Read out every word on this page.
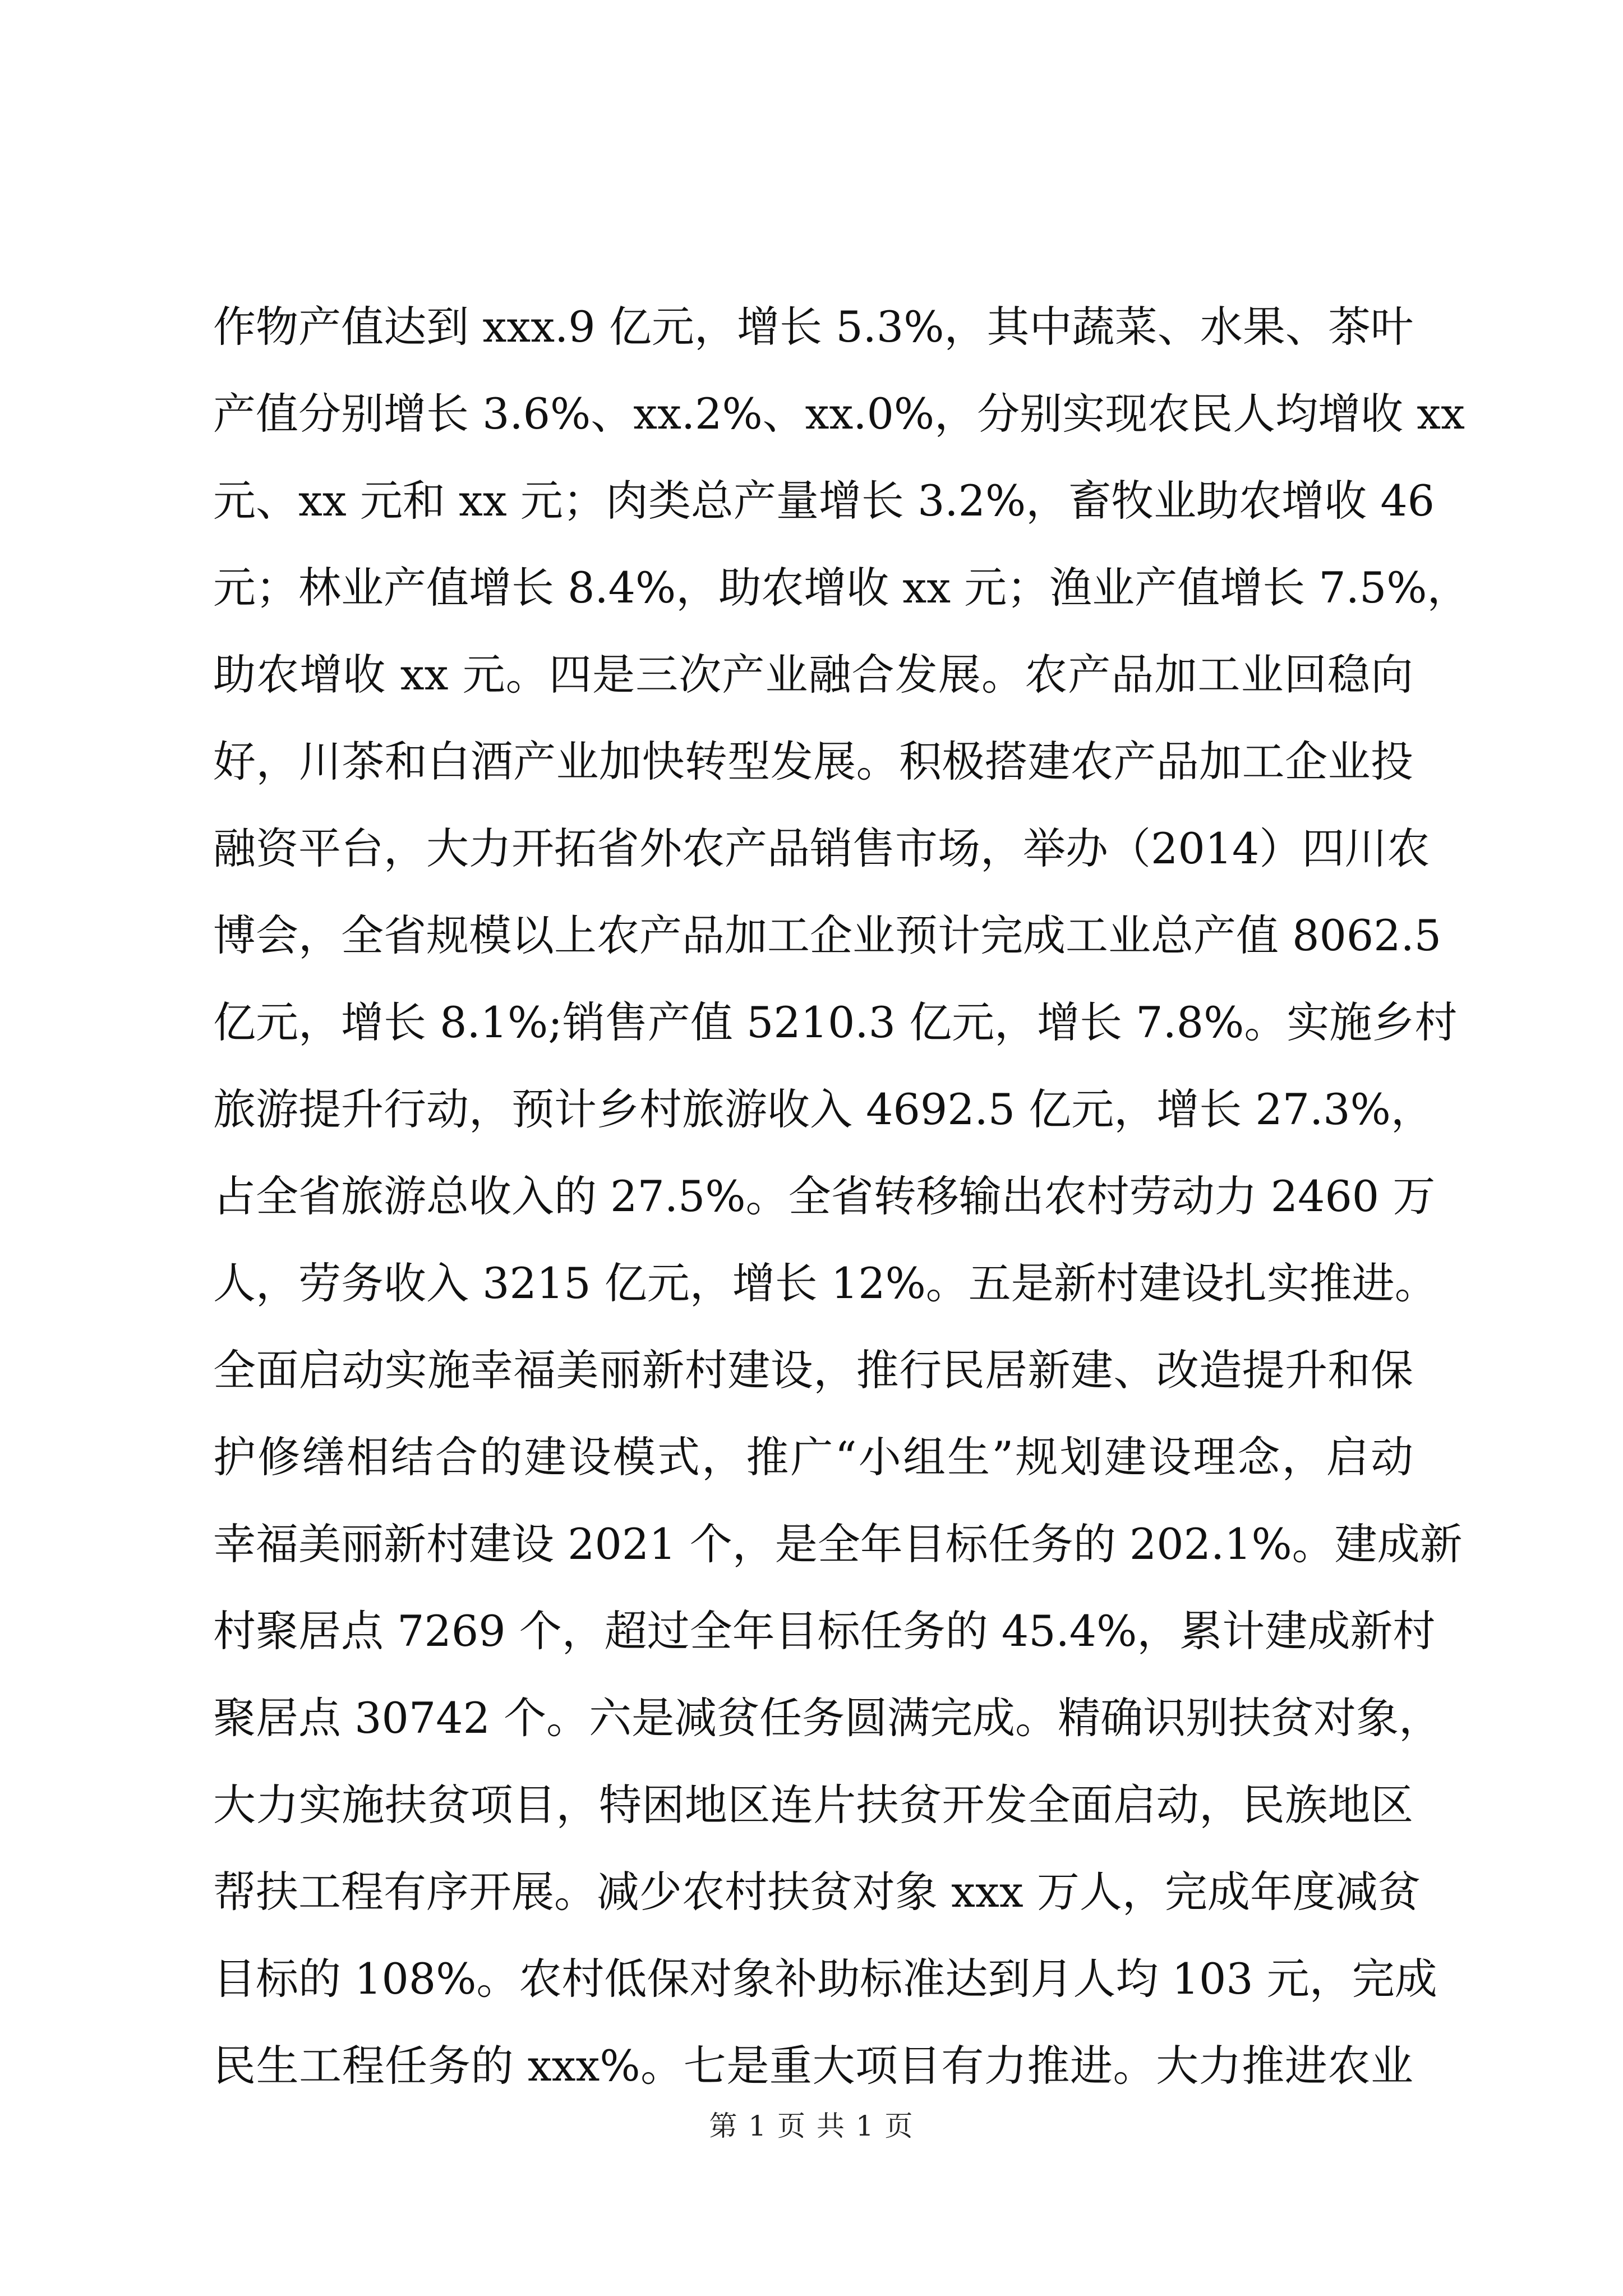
作物产值达到 xxx.9 亿元，增长 5.3%，其中蔬菜、水果、茶叶
产值分别增长 3.6%、xx.2%、xx.0%，分别实现农民人均增收 xx
元、xx 元和 xx 元；肉类总产量增长 3.2%，畜牧业助农增收 46
元；林业产值增长 8.4%，助农增收 xx 元；渔业产值增长 7.5%，
助农增收 xx 元。四是三次产业融合发展。农产品加工业回稳向
好，川茶和白酒产业加快转型发展。积极搭建农产品加工企业投
融资平台，大力开拓省外农产品销售市场，举办（2014）四川农
博会，全省规模以上农产品加工企业预计完成工业总产值 8062.5
亿元，增长 8.1%;销售产值 5210.3 亿元，增长 7.8%。实施乡村
旅游提升行动，预计乡村旅游收入 4692.5 亿元，增长 27.3%，
占全省旅游总收入的 27.5%。全省转移输出农村劳动力 2460 万
人，劳务收入 3215 亿元，增长 12%。五是新村建设扎实推进。
全面启动实施幸福美丽新村建设，推行民居新建、改造提升和保
护修缮相结合的建设模式，推广“小组生”规划建设理念，启动
幸福美丽新村建设 2021 个，是全年目标任务的 202.1%。建成新
村聚居点 7269 个，超过全年目标任务的 45.4%，累计建成新村
聚居点 30742 个。六是减贫任务圆满完成。精确识别扶贫对象，
大力实施扶贫项目，特困地区连片扶贫开发全面启动，民族地区
帮扶工程有序开展。减少农村扶贫对象 xxx 万人，完成年度减贫
目标的 108%。农村低保对象补助标准达到月人均 103 元，完成
民生工程任务的 xxx%。七是重大项目有力推进。大力推进农业
第 1 页 共 1 页
